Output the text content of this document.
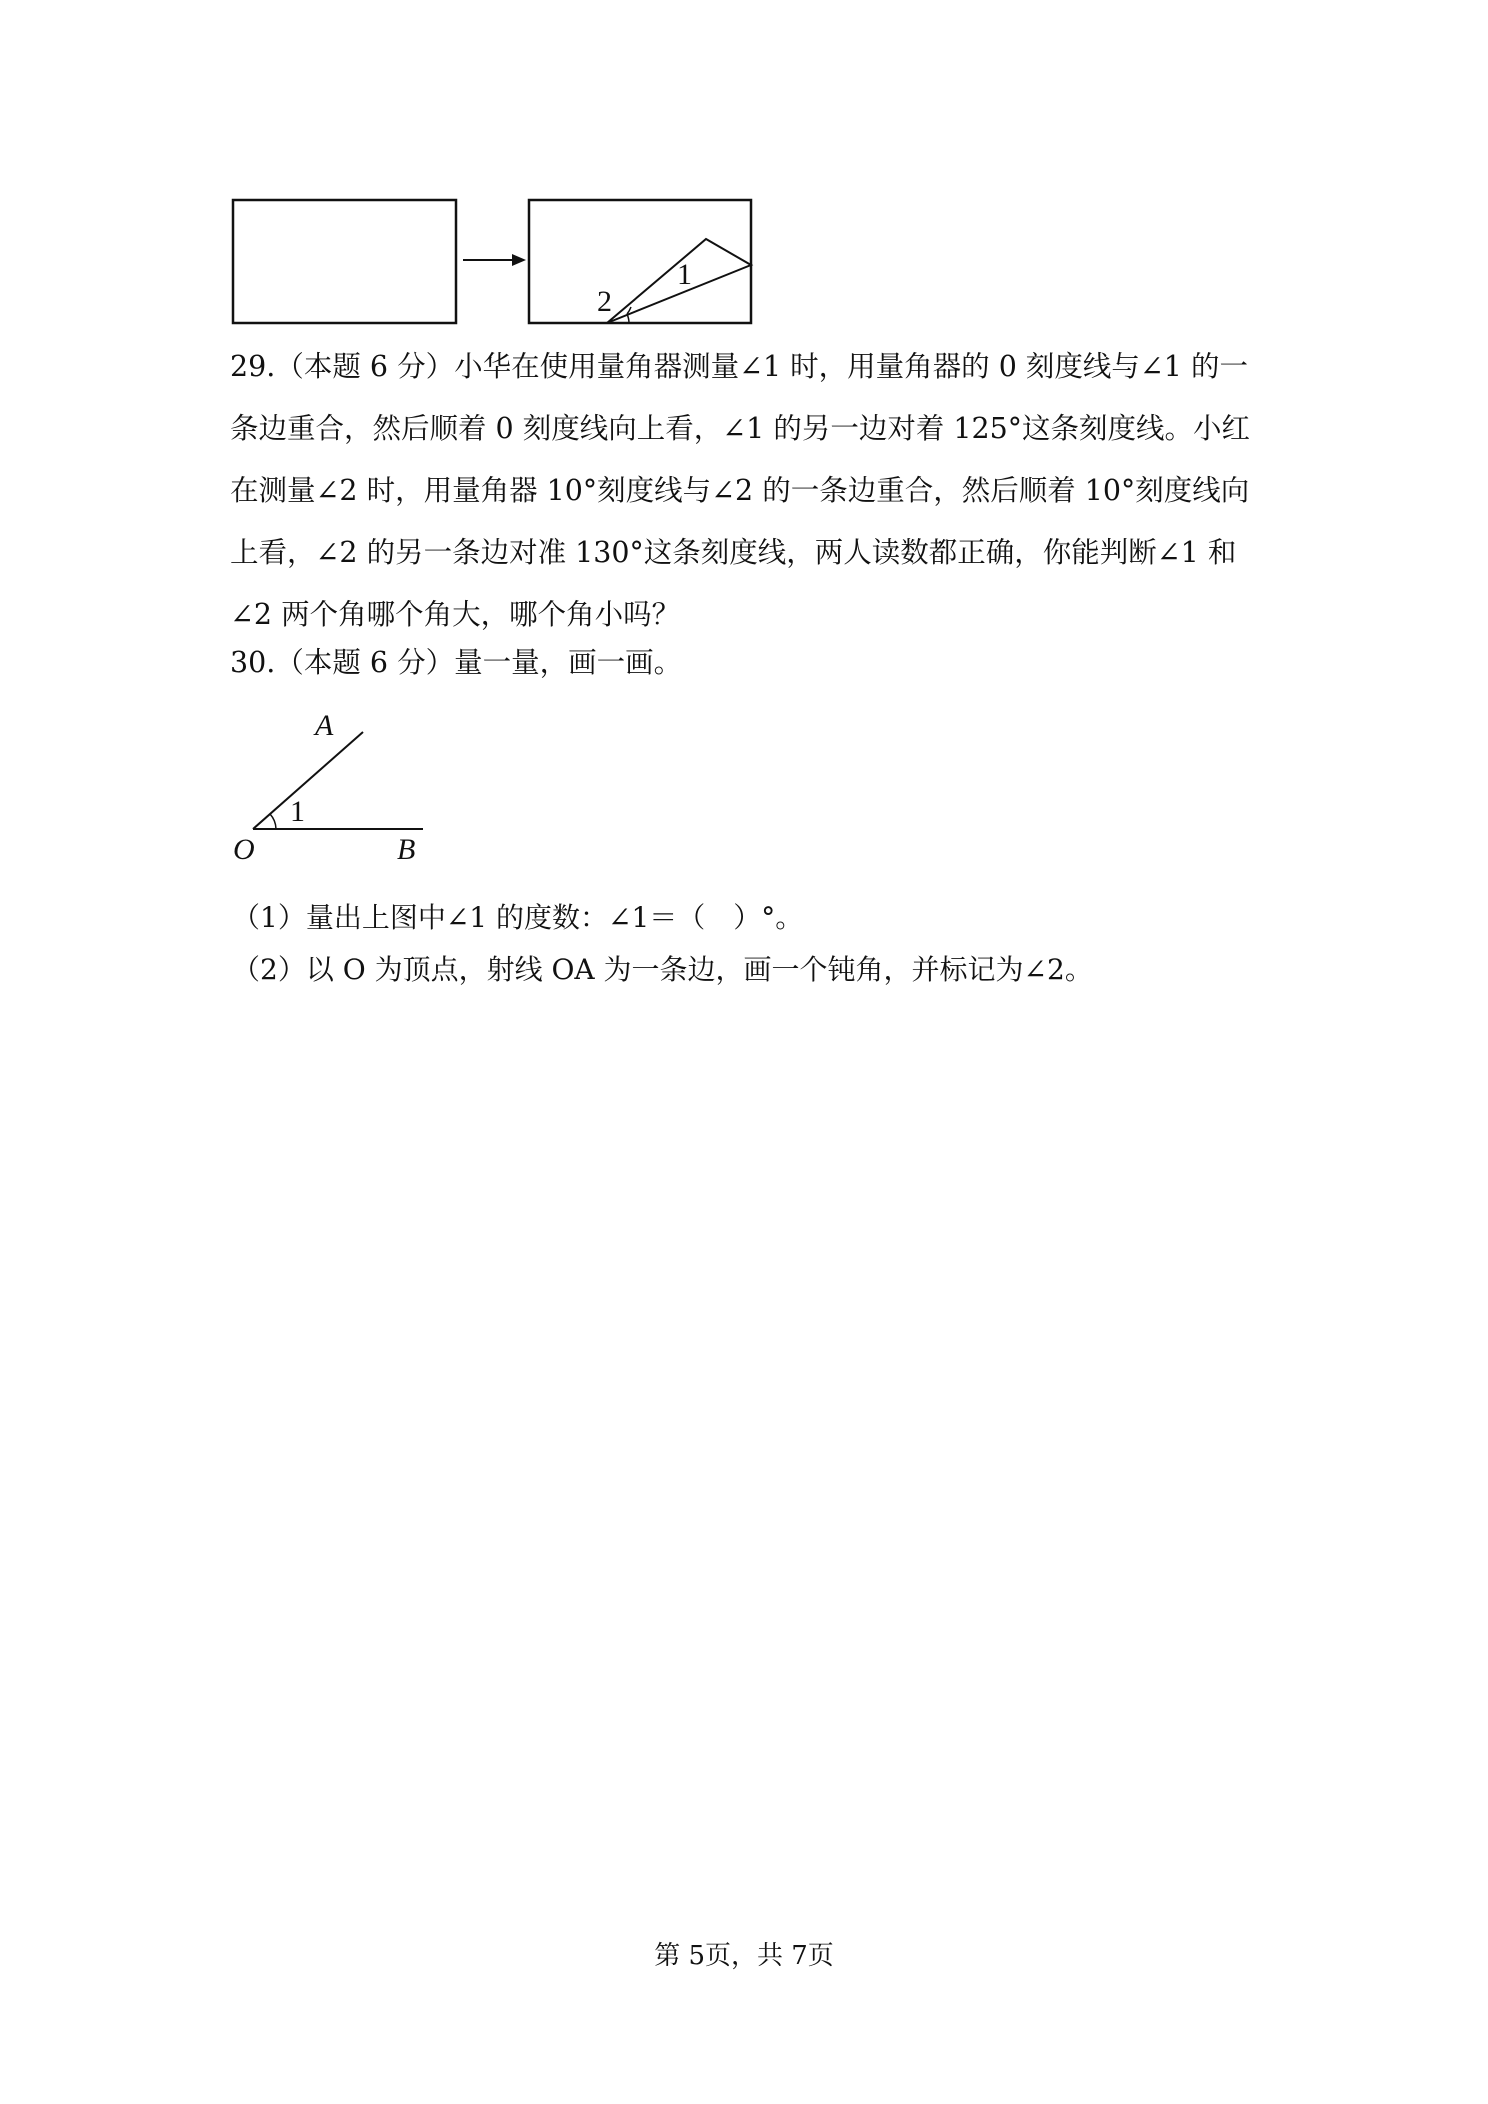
2
1
29.（本题 6 分）小华在使用量角器测量∠1 时，用量角器的 0 刻度线与∠1 的一
条边重合，然后顺着 0 刻度线向上看，∠1 的另一边对着 125°这条刻度线。小红
在测量∠2 时，用量角器 10°刻度线与∠2 的一条边重合，然后顺着 10°刻度线向
上看，∠2 的另一条边对准 130°这条刻度线，两人读数都正确，你能判断∠1 和
∠2 两个角哪个角大，哪个角小吗？
30.（本题 6 分）量一量，画一画。
A
1
O	B
（1）量出上图中∠1 的度数：∠1＝（　）°。
（2）以 O 为顶点，射线 OA 为一条边，画一个钝角，并标记为∠2。
第 5页，共 7页
